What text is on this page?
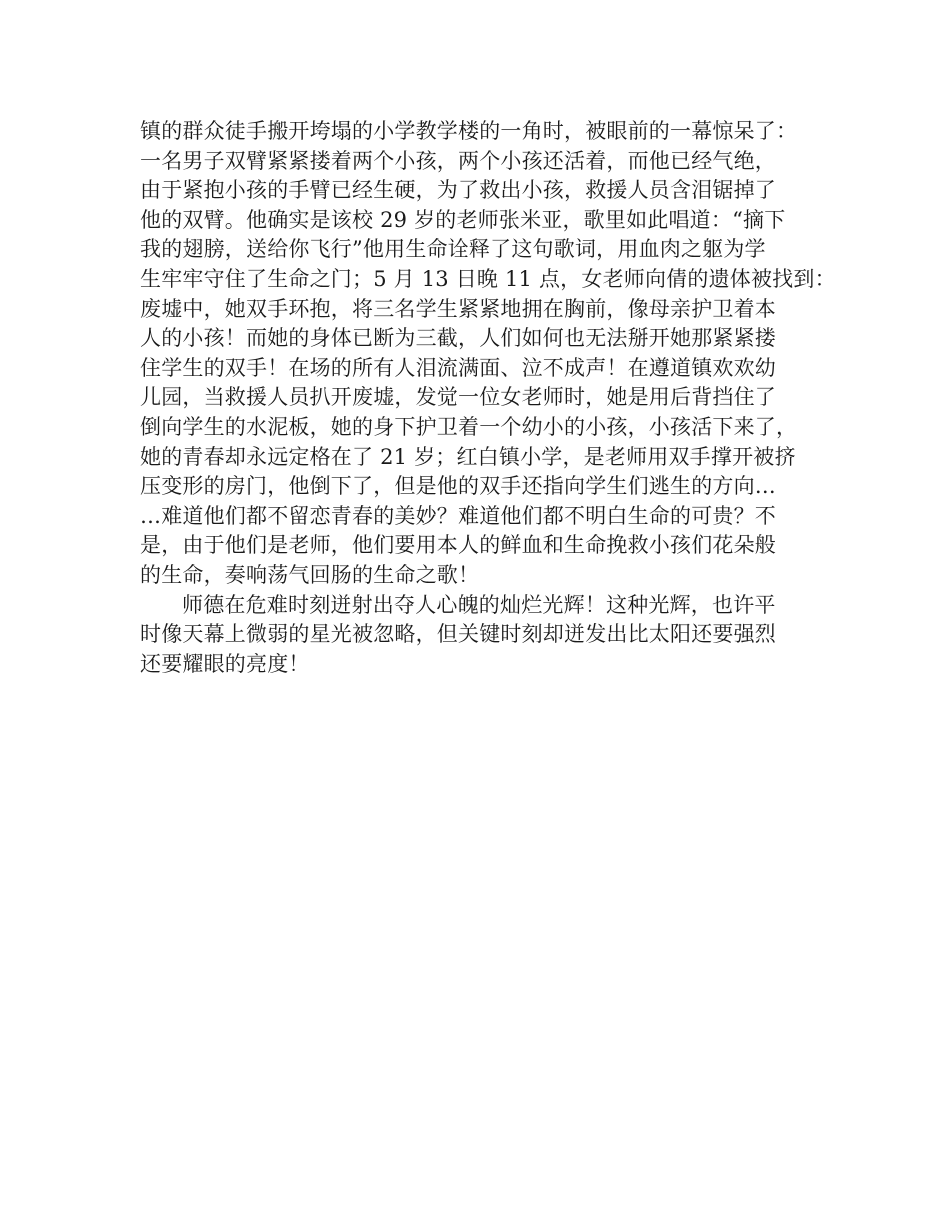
镇的群众徒手搬开垮塌的小学教学楼的一角时，被眼前的一幕惊呆了：
一名男子双臂紧紧搂着两个小孩，两个小孩还活着，而他已经气绝，
由于紧抱小孩的手臂已经生硬，为了救出小孩，救援人员含泪锯掉了
他的双臂。他确实是该校 29 岁的老师张米亚，歌里如此唱道：“摘下
我的翅膀，送给你飞行”他用生命诠释了这句歌词，用血肉之躯为学
生牢牢守住了生命之门；5 月 13 日晚 11 点，女老师向倩的遗体被找到：
废墟中，她双手环抱，将三名学生紧紧地拥在胸前，像母亲护卫着本
人的小孩！而她的身体已断为三截，人们如何也无法掰开她那紧紧搂
住学生的双手！在场的所有人泪流满面、泣不成声！在遵道镇欢欢幼
儿园，当救援人员扒开废墟，发觉一位女老师时，她是用后背挡住了
倒向学生的水泥板，她的身下护卫着一个幼小的小孩，小孩活下来了，
她的青春却永远定格在了 21 岁；红白镇小学，是老师用双手撑开被挤
压变形的房门，他倒下了，但是他的双手还指向学生们逃生的方向…
…难道他们都不留恋青春的美妙？难道他们都不明白生命的可贵？不
是，由于他们是老师，他们要用本人的鲜血和生命挽救小孩们花朵般
的生命，奏响荡气回肠的生命之歌！
师德在危难时刻迸射出夺人心魄的灿烂光辉！这种光辉，也许平
时像天幕上微弱的星光被忽略，但关键时刻却迸发出比太阳还要强烈
还要耀眼的亮度！
